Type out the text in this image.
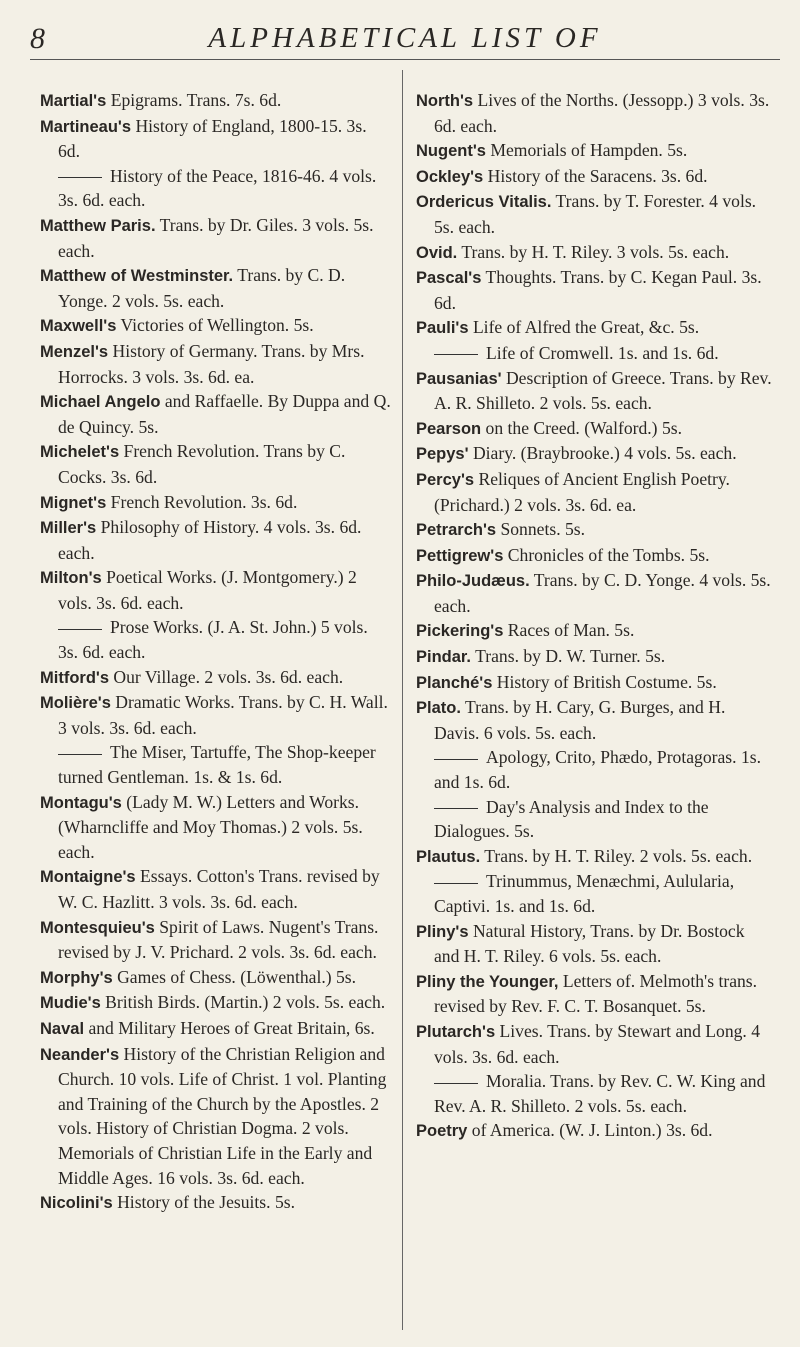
8	ALPHABETICAL LIST OF

Martial's Epigrams. Trans. 7s. 6d.

Martineau's History of England, 1800-15. 3s. 6d.

History of the Peace, 1816-46. 4 vols. 3s. 6d. each.

Matthew Paris. Trans. by Dr. Giles. 3 vols. 5s. each.

Matthew of Westminster. Trans. by C. D. Yonge. 2 vols. 5s. each.

Maxwell's Victories of Wellington. 5s.

Menzel's History of Germany. Trans. by Mrs. Horrocks. 3 vols. 3s. 6d. ea.

Michael Angelo and Raffaelle. By Duppa and Q. de Quincy. 5s.

Michelet's French Revolution. Trans by C. Cocks. 3s. 6d.

Mignet's French Revolution. 3s. 6d.

Miller's Philosophy of History. 4 vols. 3s. 6d. each.

Milton's Poetical Works. (J. Montgomery.) 2 vols. 3s. 6d. each.

Prose Works. (J. A. St. John.) 5 vols. 3s. 6d. each.

Mitford's Our Village. 2 vols. 3s. 6d. each.

Molière's Dramatic Works. Trans. by C. H. Wall. 3 vols. 3s. 6d. each.

The Miser, Tartuffe, The Shop-keeper turned Gentleman. 1s. & 1s. 6d.

Montagu's (Lady M. W.) Letters and Works. (Wharncliffe and Moy Thomas.) 2 vols. 5s. each.

Montaigne's Essays. Cotton's Trans. revised by W. C. Hazlitt. 3 vols. 3s. 6d. each.

Montesquieu's Spirit of Laws. Nugent's Trans. revised by J. V. Prichard. 2 vols. 3s. 6d. each.

Morphy's Games of Chess. (Löwenthal.) 5s.

Mudie's British Birds. (Martin.) 2 vols. 5s. each.

Naval and Military Heroes of Great Britain, 6s.

Neander's History of the Christian Religion and Church. 10 vols. Life of Christ. 1 vol. Planting and Training of the Church by the Apostles. 2 vols. History of Christian Dogma. 2 vols. Memorials of Christian Life in the Early and Middle Ages. 16 vols. 3s. 6d. each.

Nicolini's History of the Jesuits. 5s.

North's Lives of the Norths. (Jessopp.) 3 vols. 3s. 6d. each.

Nugent's Memorials of Hampden. 5s.

Ockley's History of the Saracens. 3s. 6d.

Ordericus Vitalis. Trans. by T. Forester. 4 vols. 5s. each.

Ovid. Trans. by H. T. Riley. 3 vols. 5s. each.

Pascal's Thoughts. Trans. by C. Kegan Paul. 3s. 6d.

Pauli's Life of Alfred the Great, &c. 5s.

Life of Cromwell. 1s. and 1s. 6d.

Pausanias' Description of Greece. Trans. by Rev. A. R. Shilleto. 2 vols. 5s. each.

Pearson on the Creed. (Walford.) 5s.

Pepys' Diary. (Braybrooke.) 4 vols. 5s. each.

Percy's Reliques of Ancient English Poetry. (Prichard.) 2 vols. 3s. 6d. ea.

Petrarch's Sonnets. 5s.

Pettigrew's Chronicles of the Tombs. 5s.

Philo-Judæus. Trans. by C. D. Yonge. 4 vols. 5s. each.

Pickering's Races of Man. 5s.

Pindar. Trans. by D. W. Turner. 5s.

Planché's History of British Costume. 5s.

Plato. Trans. by H. Cary, G. Burges, and H. Davis. 6 vols. 5s. each.

Apology, Crito, Phædo, Protagoras. 1s. and 1s. 6d.

Day's Analysis and Index to the Dialogues. 5s.

Plautus. Trans. by H. T. Riley. 2 vols. 5s. each.

Trinummus, Menæchmi, Aulularia, Captivi. 1s. and 1s. 6d.

Pliny's Natural History, Trans. by Dr. Bostock and H. T. Riley. 6 vols. 5s. each.

Pliny the Younger, Letters of. Melmoth's trans. revised by Rev. F. C. T. Bosanquet. 5s.

Plutarch's Lives. Trans. by Stewart and Long. 4 vols. 3s. 6d. each.

Moralia. Trans. by Rev. C. W. King and Rev. A. R. Shilleto. 2 vols. 5s. each.

Poetry of America. (W. J. Linton.) 3s. 6d.
